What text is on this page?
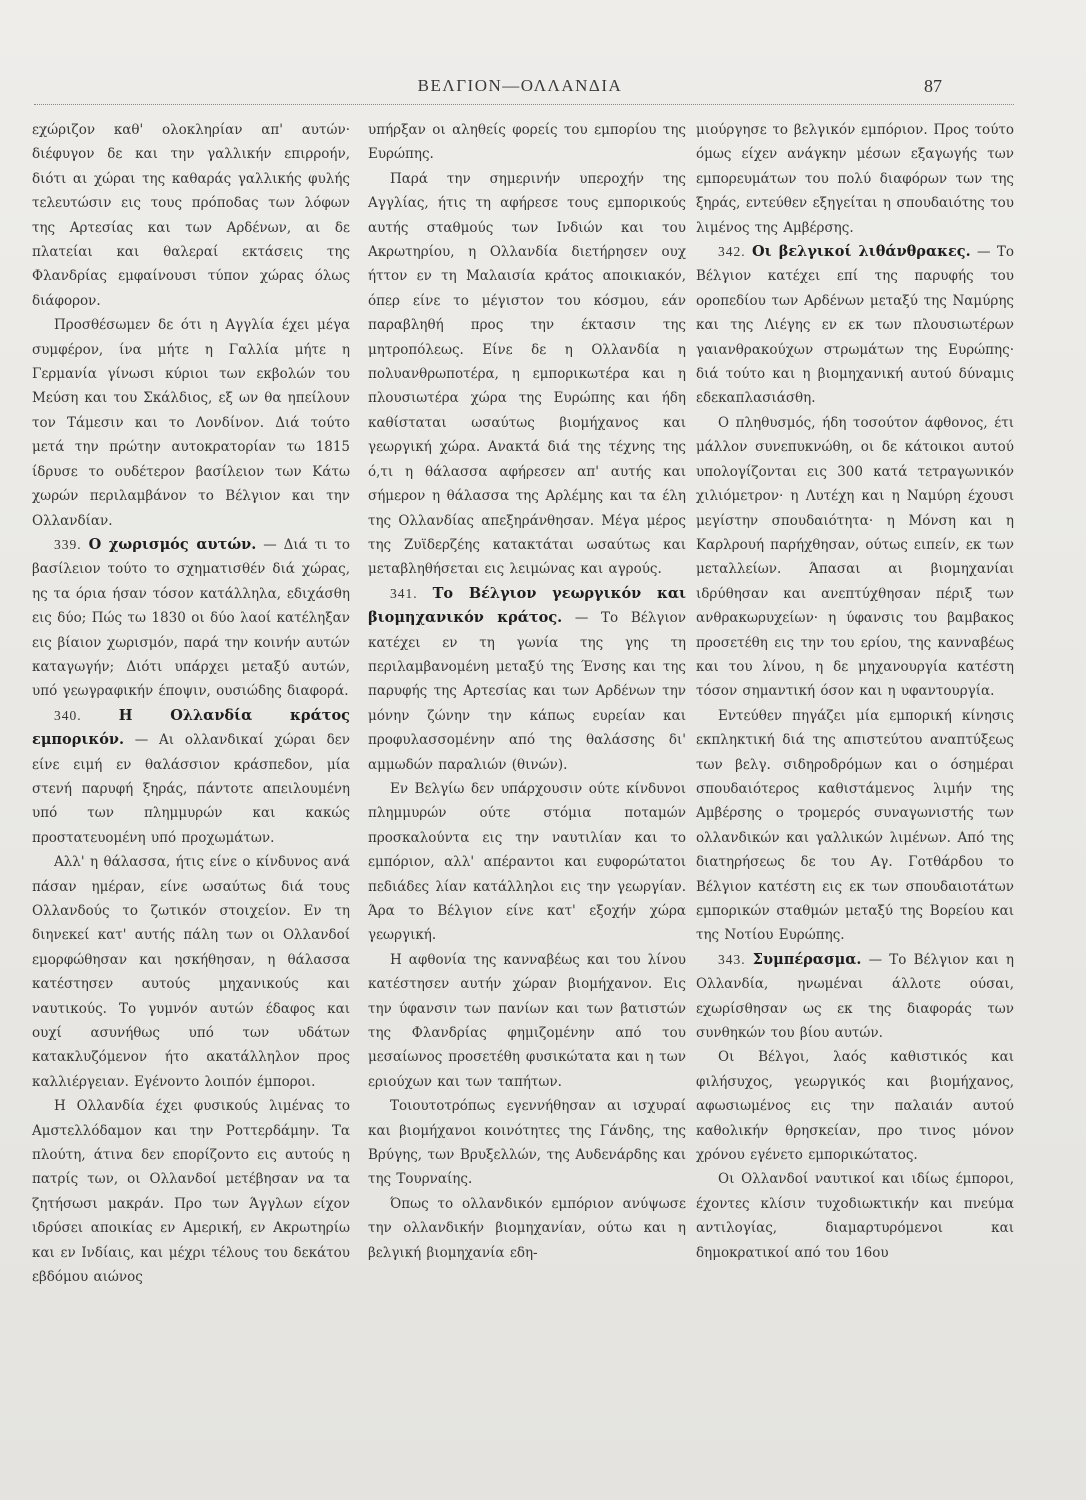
ΒΕΛΓΙΟΝ—ΟΛΛΑΝΔΙΑ	87

εχώριζον καθ' ολοκληρίαν απ' αυτών· διέφυγον δε και την γαλλικήν επιρροήν, διότι αι χώραι της καθαράς γαλλικής φυλής τελευτώσιν εις τους πρόποδας των λόφων της Αρτεσίας και των Αρδένων, αι δε πλατείαι και θαλεραί εκτάσεις της Φλανδρίας εμφαίνουσι τύπον χώρας όλως διάφορον.

Προσθέσωμεν δε ότι η Αγγλία έχει μέγα συμφέρον, ίνα μήτε η Γαλλία μήτε η Γερμανία γίνωσι κύριοι των εκβολών του Μεύση και του Σκάλδιος, εξ ων θα ηπείλουν τον Τάμεσιν και το Λονδίνον. Διά τούτο μετά την πρώτην αυτοκρατορίαν τω 1815 ίδρυσε το ουδέτερον βασίλειον των Κάτω χωρών περιλαμβάνον το Βέλγιον και την Ολλανδίαν.

339. Ο χωρισμός αυτών. — Διά τι το βασίλειον τούτο το σχηματισθέν διά χώρας, ης τα όρια ήσαν τόσον κατάλληλα, εδιχάσθη εις δύο; Πώς τω 1830 οι δύο λαοί κατέληξαν εις βίαιον χωρισμόν, παρά την κοινήν αυτών καταγωγήν; Διότι υπάρχει μεταξύ αυτών, υπό γεωγραφικήν έποψιν, ουσιώδης διαφορά.

340.	Η Ολλανδία κράτος εμπορικόν. — Αι ολλανδικαί χώραι δεν είνε ειμή εν θαλάσσιον κράσπεδον, μία στενή παρυφή ξηράς, πάντοτε απειλουμένη υπό των πλημμυρών και κακώς προστατευομένη υπό προχωμάτων.

Αλλ' η θάλασσα, ήτις είνε ο κίνδυνος ανά πάσαν ημέραν, είνε ωσαύτως διά τους Ολλανδούς το ζωτικόν στοιχείον. Εν τη διηνεκεί κατ' αυτής πάλη των οι Ολλανδοί εμορφώθησαν και ησκήθησαν, η θάλασσα κατέστησεν αυτούς μηχανικούς και ναυτικούς. Το γυμνόν αυτών έδαφος και ουχί ασυνήθως υπό των υδάτων κατακλυζόμενον ήτο ακατάλληλον προς καλλιέργειαν. Εγένοντο λοιπόν έμποροι.

Η Ολλανδία έχει φυσικούς λιμένας το Αμστελλόδαμον και την Ροττερδάμην. Τα πλούτη, άτινα δεν επορίζοντο εις αυτούς η πατρίς των, οι Ολλανδοί μετέβησαν να τα ζητήσωσι μακράν. Προ των Άγγλων είχον ιδρύσει αποικίας εν Αμερική, εν Ακρωτηρίω και εν Ινδίαις, και μέχρι τέλους του δεκάτου εβδόμου αιώνος

υπήρξαν οι αληθείς φορείς του εμπορίου της Ευρώπης.

Παρά την σημερινήν υπεροχήν της Αγγλίας, ήτις τη αφήρεσε τους εμπορικούς αυτής σταθμούς των Ινδιών και του Ακρωτηρίου, η Ολλανδία διετήρησεν ουχ ήττον εν τη Μαλαισία κράτος αποικιακόν, όπερ είνε το μέγιστον του κόσμου, εάν παραβληθή προς την έκτασιν της μητροπόλεως. Είνε δε η Ολλανδία η πολυανθρωποτέρα, η εμπορικωτέρα και η πλουσιωτέρα χώρα της Ευρώπης και ήδη καθίσταται ωσαύτως βιομήχανος και γεωργική χώρα. Ανακτά διά της τέχνης της ό,τι η θάλασσα αφήρεσεν απ' αυτής και σήμερον η θάλασσα της Αρλέμης και τα έλη της Ολλανδίας απεξηράνθησαν. Μέγα μέρος της Ζυϊδερζέης κατακτάται ωσαύτως και μεταβληθήσεται εις λειμώνας και αγρούς.

341. Το Βέλγιον γεωργικόν και βιομηχανικόν κράτος. — Το Βέλγιον κατέχει εν τη γωνία της γης τη περιλαμβανομένη μεταξύ της Ένσης και της παρυφής της Αρτεσίας και των Αρδένων την μόνην ζώνην την κάπως ευρείαν και προφυλασσομένην από της θαλάσσης δι' αμμωδών παραλιών (θινών).

Εν Βελγίω δεν υπάρχουσιν ούτε κίνδυνοι πλημμυρών ούτε στόμια ποταμών προσκαλούντα εις την ναυτιλίαν και το εμπόριον, αλλ' απέραντοι και ευφορώτατοι πεδιάδες λίαν κατάλληλοι εις την γεωργίαν. Άρα το Βέλγιον είνε κατ' εξοχήν χώρα γεωργική.

Η αφθονία της κανναβέως και του λίνου κατέστησεν αυτήν χώραν βιομήχανον. Εις την ύφανσιν των πανίων και των βατιστών της Φλανδρίας φημιζομένην από του μεσαίωνος προσετέθη φυσικώτατα και η των εριούχων και των ταπήτων.

Τοιουτοτρόπως εγεννήθησαν αι ισχυραί και βιομήχανοι κοινότητες της Γάνδης, της Βρύγης, των Βρυξελλών, της Αυδενάρδης και της Τουρναίης.

Όπως το ολλανδικόν εμπόριον ανύψωσε την ολλανδικήν βιομηχανίαν, ούτω και η βελγική βιομηχανία εδη-

μιούργησε το βελγικόν εμπόριον. Προς τούτο όμως είχεν ανάγκην μέσων εξαγωγής των εμπορευμάτων του πολύ διαφόρων των της ξηράς, εντεύθεν εξηγείται η σπουδαιότης του λιμένος της Αμβέρσης.

342. Οι βελγικοί λιθάνθρακες. — Το Βέλγιον κατέχει επί της παρυφής του οροπεδίου των Αρδένων μεταξύ της Ναμύρης και της Λιέγης εν εκ των πλουσιωτέρων γαιανθρακούχων στρωμάτων της Ευρώπης· διά τούτο και η βιομηχανική αυτού δύναμις εδεκαπλασιάσθη.

Ο πληθυσμός, ήδη τοσούτον άφθονος, έτι μάλλον συνεπυκνώθη, οι δε κάτοικοι αυτού υπολογίζονται εις 300 κατά τετραγωνικόν χιλιόμετρον· η Λυτέχη και η Ναμύρη έχουσι μεγίστην σπουδαιότητα· η Μόνση και η Καρλρουή παρήχθησαν, ούτως ειπείν, εκ των μεταλλείων. Άπασαι αι βιομηχανίαι ιδρύθησαν και ανεπτύχθησαν πέριξ των ανθρακωρυχείων· η ύφανσις του βαμβακος προσετέθη εις την του ερίου, της κανναβέως και του λίνου, η δε μηχανουργία κατέστη τόσον σημαντική όσον και η υφαντουργία.

Εντεύθεν πηγάζει μία εμπορική κίνησις εκπληκτική διά της απιστεύτου αναπτύξεως των βελγ. σιδηροδρόμων και ο όσημέραι σπουδαιότερος καθιστάμενος λιμήν της Αμβέρσης ο τρομερός συναγωνιστής των ολλανδικών και γαλλικών λιμένων. Από της διατηρήσεως δε του Αγ. Γοτθάρδου το Βέλγιον κατέστη εις εκ των σπουδαιοτάτων εμπορικών σταθμών μεταξύ της Βορείου και της Νοτίου Ευρώπης.

343. Συμπέρασμα. — Το Βέλγιον και η Ολλανδία, ηνωμέναι άλλοτε ούσαι, εχωρίσθησαν ως εκ της διαφοράς των συνθηκών του βίου αυτών.

Οι Βέλγοι, λαός καθιστικός και φιλήσυχος, γεωργικός και βιομήχανος, αφωσιωμένος εις την παλαιάν αυτού καθολικήν θρησκείαν, προ τινος μόνον χρόνου εγένετο εμπορικώτατος.

Οι Ολλανδοί ναυτικοί και ιδίως έμποροι, έχοντες κλίσιν τυχοδιωκτικήν και πνεύμα αντιλογίας, διαμαρτυρόμενοι και δημοκρατικοί από του 16ου
